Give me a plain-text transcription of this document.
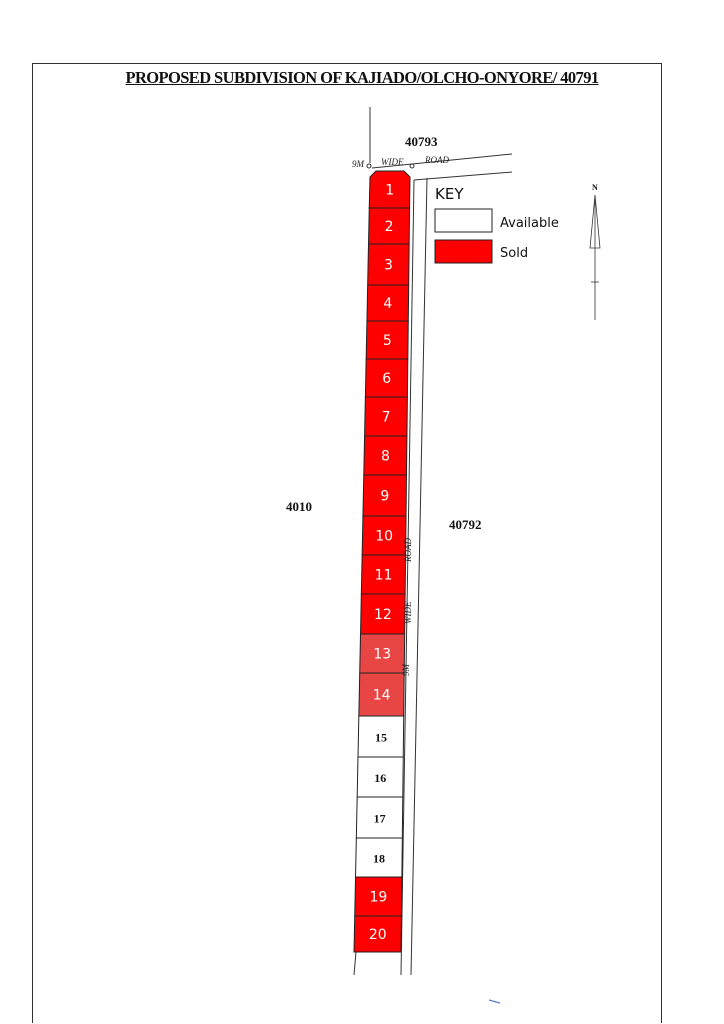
PROPOSED SUBDIVISION OF KAJIADO/OLCHO-ONYORE/ 40791
1
2
3
4
5
6
7
8
9
10
11
12
13
14
15
16
17
18
19
20
40793
4010
40792
9M WIDE ROAD
ROAD
WIDE
9M
KEY
Available
Sold
N
